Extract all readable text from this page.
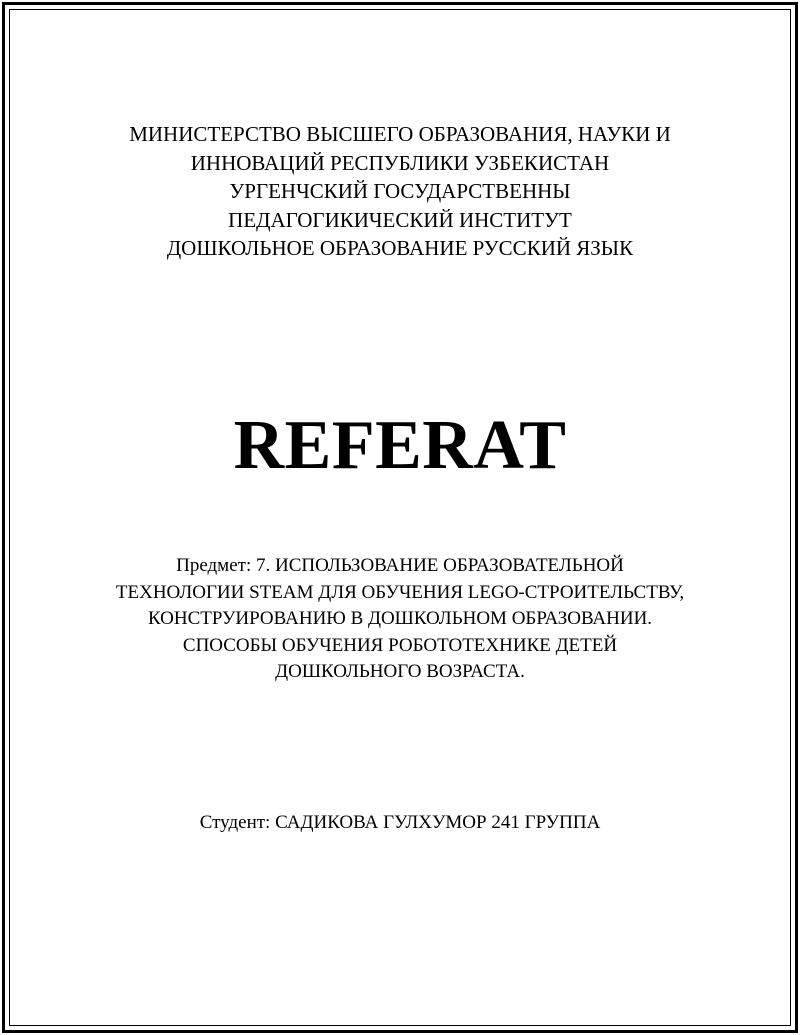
МИНИСТЕРСТВО ВЫСШЕГО ОБРАЗОВАНИЯ, НАУКИ И
ИННОВАЦИЙ РЕСПУБЛИКИ УЗБЕКИСТАН
УРГЕНЧСКИЙ ГОСУДАРСТВЕННЫ
ПЕДАГОГИКИЧЕСКИЙ ИНСТИТУТ
ДОШКОЛЬНОЕ ОБРАЗОВАНИЕ РУССКИЙ ЯЗЫК
REFERAT
Предмет: 7. ИСПОЛЬЗОВАНИЕ ОБРАЗОВАТЕЛЬНОЙ
ТЕХНОЛОГИИ STEAM ДЛЯ ОБУЧЕНИЯ LEGO-СТРОИТЕЛЬСТВУ,
КОНСТРУИРОВАНИЮ В ДОШКОЛЬНОМ ОБРАЗОВАНИИ.
СПОСОБЫ ОБУЧЕНИЯ РОБОТОТЕХНИКЕ ДЕТЕЙ
ДОШКОЛЬНОГО ВОЗРАСТА.
Студент: САДИКОВА ГУЛХУМОР 241 ГРУППА
